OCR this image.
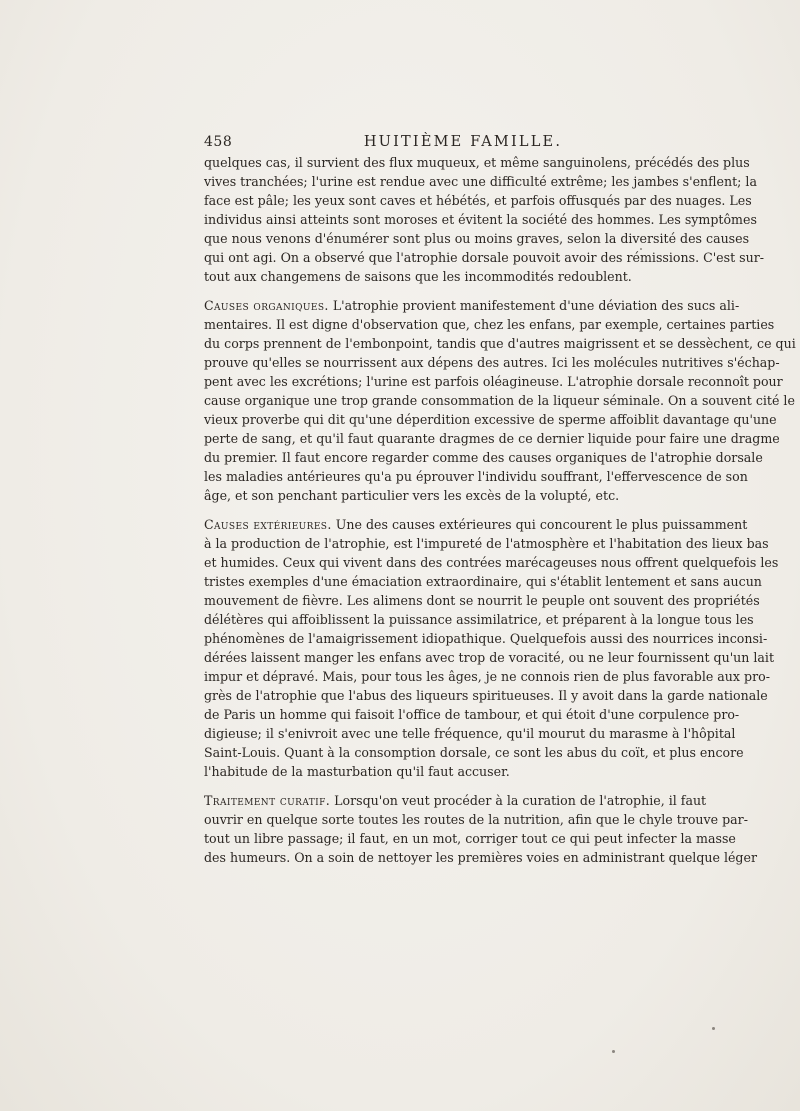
458	HUITIÈME FAMILLE.
quelques cas, il survient des flux muqueux, et même sanguinolens, précédés des plus
vives tranchées; l'urine est rendue avec une difficulté extrême; les jambes s'enflent; la
face est pâle; les yeux sont caves et hébétés, et parfois offusqués par des nuages. Les
individus ainsi atteints sont moroses et évitent la société des hommes. Les symptômes
que nous venons d'énumérer sont plus ou moins graves, selon la diversité des causes
qui ont agi. On a observé que l'atrophie dorsale pouvoit avoir des rémissions. C'est sur-
tout aux changemens de saisons que les incommodités redoublent.
Causes organiques. L'atrophie provient manifestement d'une déviation des sucs ali-
mentaires. Il est digne d'observation que, chez les enfans, par exemple, certaines parties
du corps prennent de l'embonpoint, tandis que d'autres maigrissent et se dessèchent, ce qui
prouve qu'elles se nourrissent aux dépens des autres. Ici les molécules nutritives s'échap-
pent avec les excrétions; l'urine est parfois oléagineuse. L'atrophie dorsale reconnoît pour
cause organique une trop grande consommation de la liqueur séminale. On a souvent cité le
vieux proverbe qui dit qu'une déperdition excessive de sperme affoiblit davantage qu'une
perte de sang, et qu'il faut quarante dragmes de ce dernier liquide pour faire une dragme
du premier. Il faut encore regarder comme des causes organiques de l'atrophie dorsale
les maladies antérieures qu'a pu éprouver l'individu souffrant, l'effervescence de son
âge, et son penchant particulier vers les excès de la volupté, etc.
Causes extérieures. Une des causes extérieures qui concourent le plus puissamment
à la production de l'atrophie, est l'impureté de l'atmosphère et l'habitation des lieux bas
et humides. Ceux qui vivent dans des contrées marécageuses nous offrent quelquefois les
tristes exemples d'une émaciation extraordinaire, qui s'établit lentement et sans aucun
mouvement de fièvre. Les alimens dont se nourrit le peuple ont souvent des propriétés
délétères qui affoiblissent la puissance assimilatrice, et préparent à la longue tous les
phénomènes de l'amaigrissement idiopathique. Quelquefois aussi des nourrices inconsi-
dérées laissent manger les enfans avec trop de voracité, ou ne leur fournissent qu'un lait
impur et dépravé. Mais, pour tous les âges, je ne connois rien de plus favorable aux pro-
grès de l'atrophie que l'abus des liqueurs spiritueuses. Il y avoit dans la garde nationale
de Paris un homme qui faisoit l'office de tambour, et qui étoit d'une corpulence pro-
digieuse; il s'enivroit avec une telle fréquence, qu'il mourut du marasme à l'hôpital
Saint-Louis. Quant à la consomption dorsale, ce sont les abus du coït, et plus encore
l'habitude de la masturbation qu'il faut accuser.
Traitement curatif. Lorsqu'on veut procéder à la curation de l'atrophie, il faut
ouvrir en quelque sorte toutes les routes de la nutrition, afin que le chyle trouve par-
tout un libre passage; il faut, en un mot, corriger tout ce qui peut infecter la masse
des humeurs. On a soin de nettoyer les premières voies en administrant quelque léger
